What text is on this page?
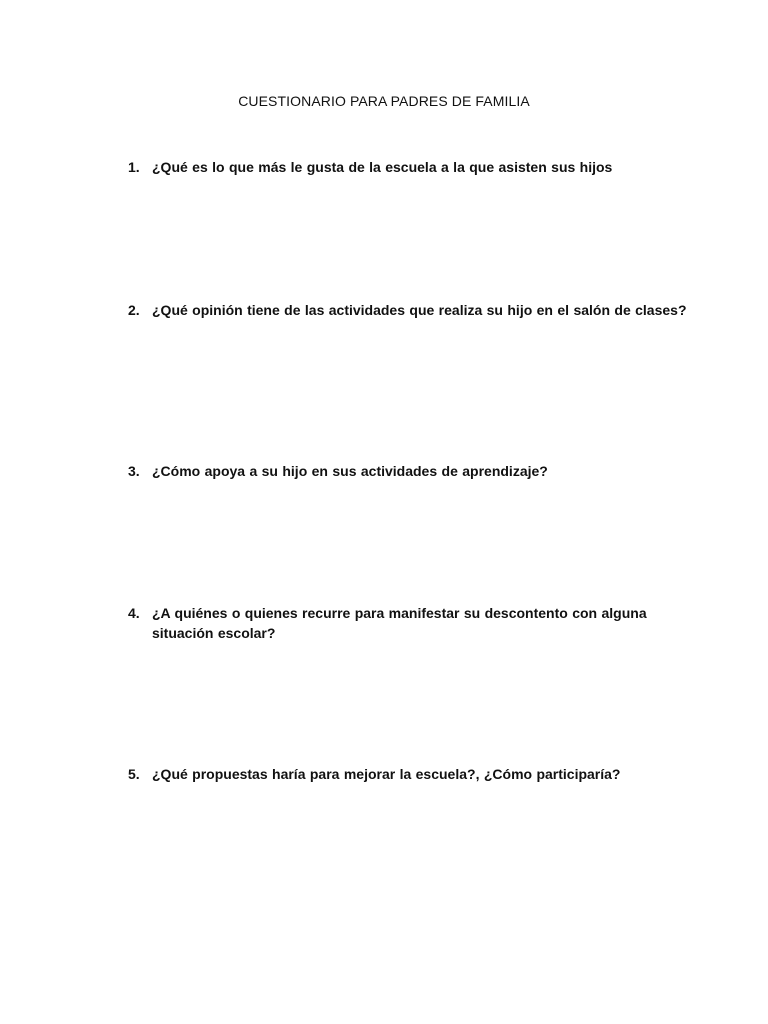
CUESTIONARIO PARA PADRES DE FAMILIA
1. ¿Qué es lo que más le gusta de la escuela a la que asisten sus hijos
2. ¿Qué opinión tiene de las actividades que realiza su hijo en el salón de clases?
3. ¿Cómo apoya a su hijo en sus actividades de aprendizaje?
4. ¿A quiénes o quienes recurre para manifestar su descontento con alguna situación escolar?
5. ¿Qué propuestas haría para mejorar la escuela?, ¿Cómo participaría?
